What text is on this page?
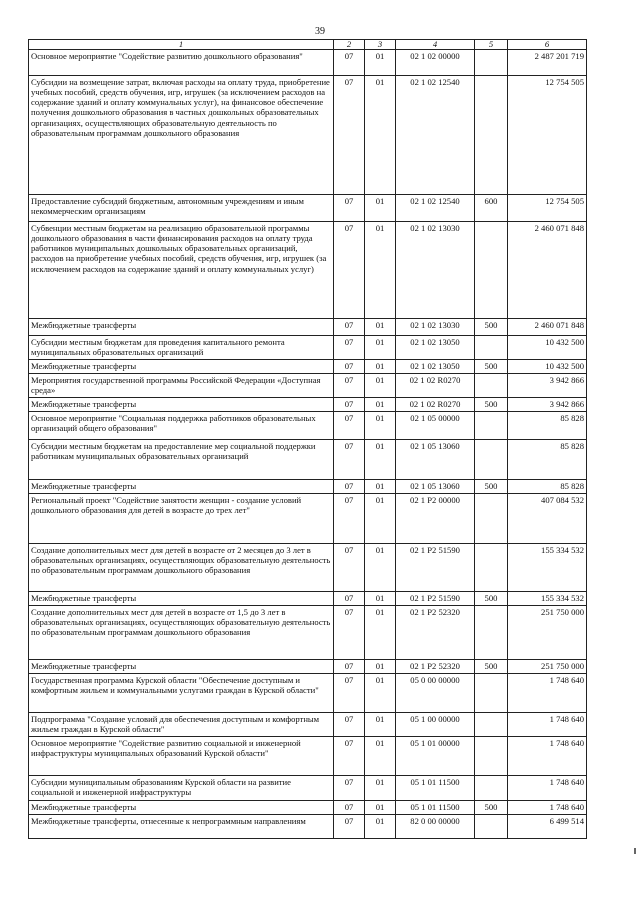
39
1	2	3	4	5	6
Основное мероприятие "Содействие развитию дошкольного образования"	07	01	02 1 02 00000		2 487 201 719
Субсидии на возмещение затрат, включая расходы на оплату труда, приобретение учебных пособий, средств обучения, игр, игрушек (за исключением расходов на содержание зданий и оплату коммунальных услуг), на финансовое обеспечение получения дошкольного образования в частных дошкольных образовательных организациях, осуществляющих образовательную деятельность по образовательным программам дошкольного образования	07	01	02 1 02 12540		12 754 505
Предоставление субсидий бюджетным, автономным учреждениям и иным некоммерческим организациям	07	01	02 1 02 12540	600	12 754 505
Субвенции местным бюджетам на реализацию образовательной программы дошкольного образования в части финансирования расходов на оплату труда работников муниципальных дошкольных образовательных организаций, расходов на приобретение учебных пособий, средств обучения, игр, игрушек (за исключением расходов на содержание зданий и оплату коммунальных услуг)	07	01	02 1 02 13030		2 460 071 848
Межбюджетные трансферты	07	01	02 1 02 13030	500	2 460 071 848
Субсидии местным бюджетам для проведения капитального ремонта муниципальных образовательных организаций	07	01	02 1 02 13050		10 432 500
Межбюджетные трансферты	07	01	02 1 02 13050	500	10 432 500
Мероприятия государственной программы Российской Федерации «Доступная среда»	07	01	02 1 02 R0270		3 942 866
Межбюджетные трансферты	07	01	02 1 02 R0270	500	3 942 866
Основное мероприятие "Социальная поддержка работников образовательных организаций общего образования"	07	01	02 1 05 00000		85 828
Субсидии местным бюджетам на предоставление мер социальной поддержки работникам муниципальных образовательных организаций	07	01	02 1 05 13060		85 828
Межбюджетные трансферты	07	01	02 1 05 13060	500	85 828
Региональный проект "Содействие занятости женщин - создание условий дошкольного образования для детей в возрасте до трех лет"	07	01	02 1 P2 00000		407 084 532
Создание дополнительных мест для детей в возрасте от 2 месяцев до 3 лет в образовательных организациях, осуществляющих образовательную деятельность по образовательным программам дошкольного образования	07	01	02 1 P2 51590		155 334 532
Межбюджетные трансферты	07	01	02 1 P2 51590	500	155 334 532
Создание дополнительных мест для детей в возрасте от 1,5 до 3 лет в образовательных организациях, осуществляющих образовательную деятельность по образовательным программам дошкольного образования	07	01	02 1 P2 52320		251 750 000
Межбюджетные трансферты	07	01	02 1 P2 52320	500	251 750 000
Государственная программа Курской области "Обеспечение доступным и комфортным жильем и коммунальными услугами граждан в Курской области"	07	01	05 0 00 00000		1 748 640
Подпрограмма "Создание условий для обеспечения доступным и комфортным жильем граждан в Курской области"	07	01	05 1 00 00000		1 748 640
Основное мероприятие "Содействие развитию социальной и инженерной инфраструктуры муниципальных образований Курской области"	07	01	05 1 01 00000		1 748 640
Субсидии муниципальным образованиям Курской области на развитие социальной и инженерной инфраструктуры	07	01	05 1 01 11500		1 748 640
Межбюджетные трансферты	07	01	05 1 01 11500	500	1 748 640
Межбюджетные трансферты, отнесенные к непрограммным направлениям	07	01	82 0 00 00000		6 499 514
